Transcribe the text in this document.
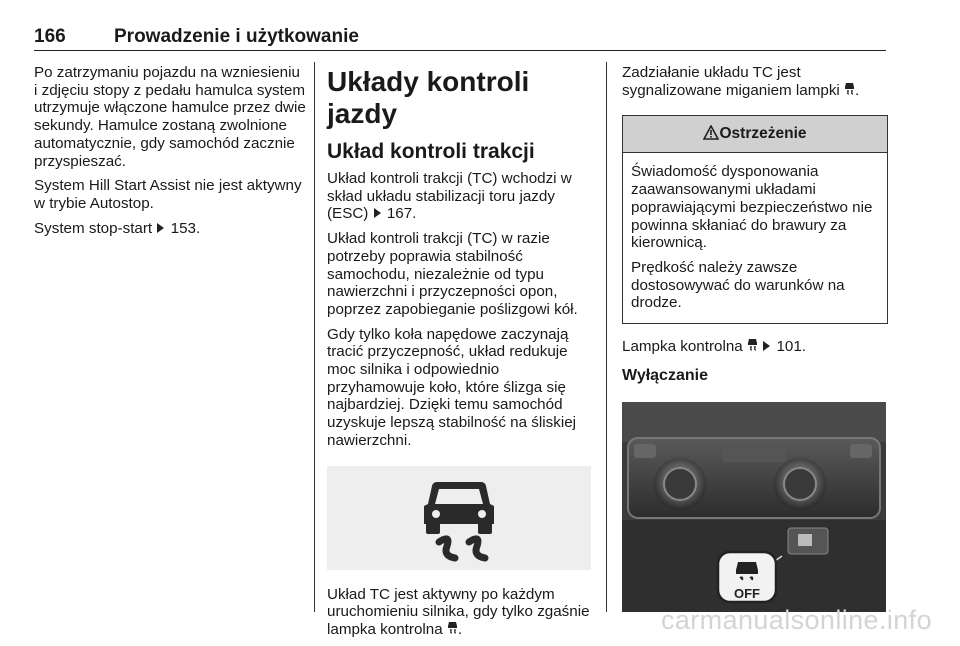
166	Prowadzenie i użytkowanie

Po zatrzymaniu pojazdu na wzniesieniu i zdjęciu stopy z pedału hamulca system utrzymuje włączone hamulce przez dwie sekundy. Hamulce zostaną zwolnione automatycznie, gdy samochód zacznie przyspieszać.

System Hill Start Assist nie jest aktywny w trybie Autostop.

System stop-start 153.

Układy kontroli jazdy
Układ kontroli trakcji

Układ kontroli trakcji (TC) wchodzi w skład układu stabilizacji toru jazdy (ESC) 167.

Układ kontroli trakcji (TC) w razie potrzeby poprawia stabilność samochodu, niezależnie od typu nawierzchni i przyczepności opon, poprzez zapobieganie poślizgowi kół.

Gdy tylko koła napędowe zaczynają tracić przyczepność, układ redukuje moc silnika i odpowiednio przyhamowuje koło, które ślizga się najbardziej. Dzięki temu samochód uzyskuje lepszą stabilność na śliskiej nawierzchni.

Układ TC jest aktywny po każdym uruchomieniu silnika, gdy tylko zgaśnie lampka kontrolna .

Zadziałanie układu TC jest sygnalizowane miganiem lampki .

Ostrzeżenie

Świadomość dysponowania zaawansowanymi układami poprawiającymi bezpieczeństwo nie powinna skłaniać do brawury za kierownicą.

Prędkość należy zawsze dostosowywać do warunków na drodze.

Lampka kontrolna 101.

Wyłączanie
OFF
carmanualsonline.info
